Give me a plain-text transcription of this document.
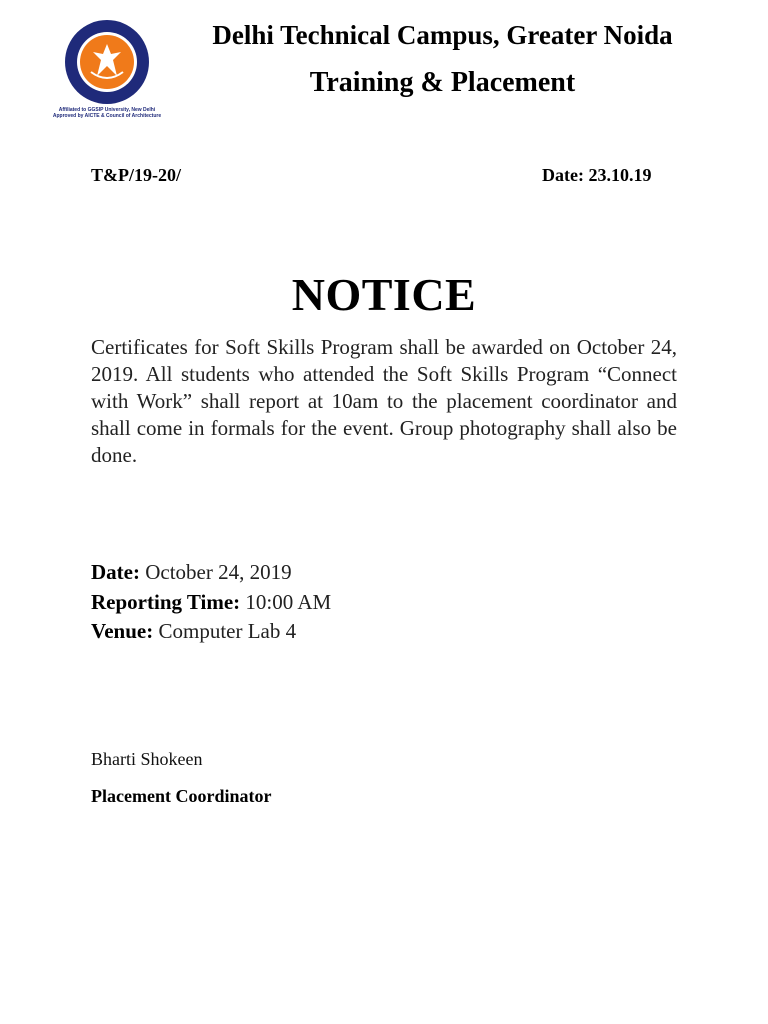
Affiliated to GGSIP University, New Delhi
Approved by AICTE & Council of Architecture
Delhi Technical Campus, Greater Noida
Training & Placement
T&P/19-20/	Date: 23.10.19
NOTICE
Certificates for Soft Skills Program shall be awarded on October 24, 2019. All students who attended the Soft Skills Program “Connect with Work” shall report at 10am to the placement coordinator and shall come in formals for the event. Group photography shall also be done.
Date: October 24, 2019
Reporting Time: 10:00 AM
Venue: Computer Lab 4
Bharti Shokeen
Placement Coordinator
